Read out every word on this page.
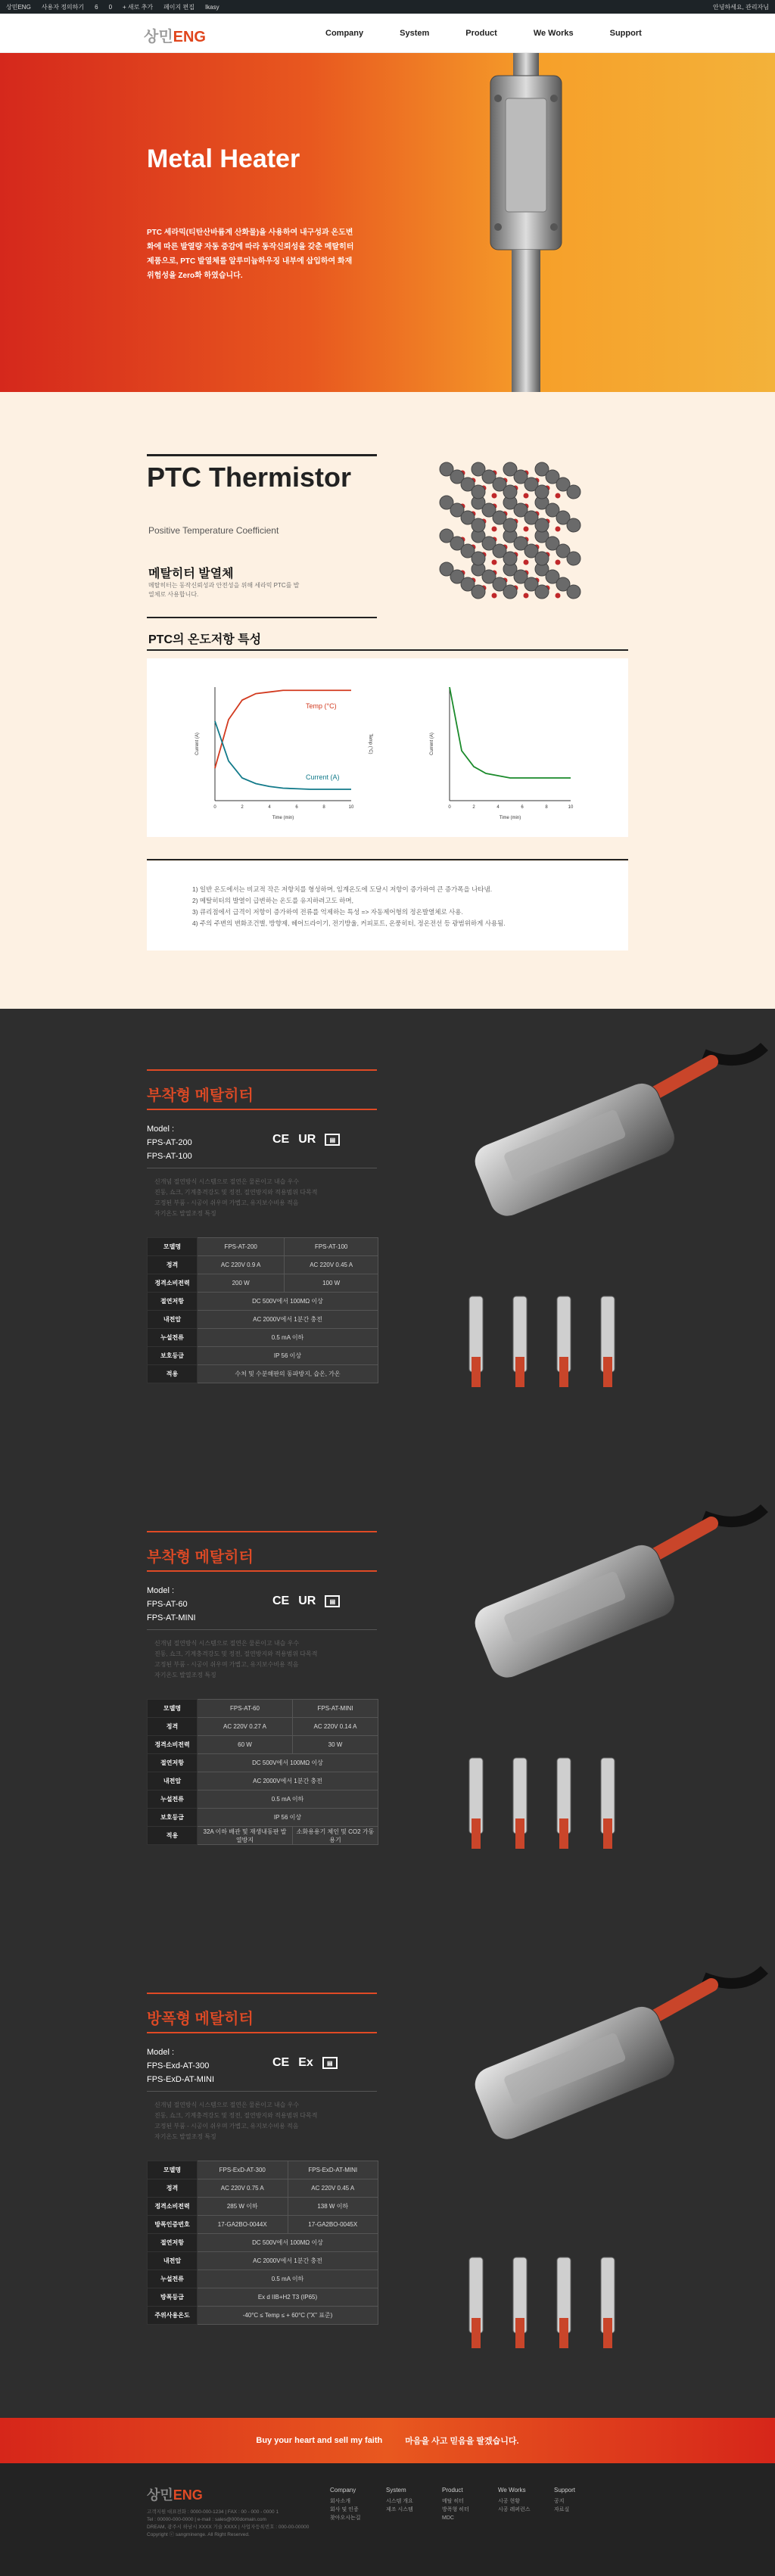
상민ENG 사용자 정의하기 6 0 + 새로 추가 페이지 편집 Ikasy	안녕하세요, 관리자님
상민ENG	Company	System	Product	We Works	Support
Metal Heater
PTC 세라믹(티탄산바륨계 산화물)을 사용하여 내구성과 온도변화에 따른 발열량 자동 증감에 따라 동작신뢰성을 갖춘 메탈히터 제품으로, PTC 발열체를 알루미늄하우징 내부에 삽입하여 화재위험성을 Zero화 하였습니다.
PTC Thermistor
Positive Temperature Coefficient
메탈히터 발열체
메탈히터는 동작신뢰성과 안전성을 위해 세라믹 PTC를 발열체로 사용합니다.
PTC의 온도저항 특성
0	2	4	6	8	10
Time (min)
Current (A)
Temp (°C)
Current (A)
Temp (°C)
0	2	4	6	8	10
Time (min)
Current (A)
1) 일반 온도에서는 비교적 작은 저항치를 형성하며, 임계온도에 도달시 저항이 증가하여 큰 증가폭을 나타냄.
2) 메탈히터의 발열이 급변하는 온도를 유지하려고도 하며,
3) 큐리점에서 급격이 저항이 증가하여 전류를 억제하는 특성 => 자동제어형의 정온발열체로 사용.
4) 주의 주변의 변화조건별, 방향제, 헤어드라이기, 전기방울, 커피포트, 온풍히터, 정온전선 등 광범위하게 사용됨.
부착형 메탈히터
Model :
FPS-AT-200
FPS-AT-100
CE UR	▤
신개념 절연방식 시스템으로 절연은 물론이고 내습 우수
진동, 쇼크, 기계충격강도 및 정전, 절연방지와 적용범위 다목적
고정된 부품 - 시공이 쉬우며 가볍고, 유지보수비용 적음
자기온도 발열조정 특징
모델명	FPS-AT-200	FPS-AT-100
정격	AC 220V 0.9 A	AC 220V 0.45 A
정격소비전력	200 W	100 W
절연저항	DC 500V에서 100MΩ 이상	
내전압	AC 2000V에서 1분간 충전	
누설전류	0.5 mA 이하	
보호등급	IP 56 이상	
적용	수처 및 수분해판의 동파방지, 습온, 가온	
부착형 메탈히터
Model :
FPS-AT-60
FPS-AT-MINI
CE UR	▤
신개념 절연방식 시스템으로 절연은 물론이고 내습 우수
진동, 쇼크, 기계충격강도 및 정전, 절연방지와 적용범위 다목적
고정된 부품 - 시공이 쉬우며 가볍고, 유지보수비용 적음
자기온도 발열조정 특징
모델명	FPS-AT-60	FPS-AT-MINI
정격	AC 220V 0.27 A	AC 220V 0.14 A
정격소비전력	60 W	30 W
절연저항	DC 500V에서 100MΩ 이상	
내전압	AC 2000V에서 1분간 충전	
누설전류	0.5 mA 이하	
보호등급	IP 56 이상	
적용	32A 이하 배관 및 재생내동판 발열방지	소화용용기 체인 및 CO2 가동용기
방폭형 메탈히터
Model :
FPS-Exd-AT-300
FPS-ExD-AT-MINI
CE Ex	▤
신개념 절연방식 시스템으로 절연은 물론이고 내습 우수
진동, 쇼크, 기계충격강도 및 정전, 절연방지와 적용범위 다목적
고정된 부품 - 시공이 쉬우며 가볍고, 유지보수비용 적음
자기온도 발열조정 특징
모델명	FPS-ExD-AT-300	FPS-ExD-AT-MINI
정격	AC 220V 0.75 A	AC 220V 0.45 A
정격소비전력	285 W 이하	138 W 이하
방폭인증번호	17-GA2BO-0044X	17-GA2BO-0045X
절연저항	DC 500V에서 100MΩ 이상	
내전압	AC 2000V에서 1분간 충전	
누설전류	0.5 mA 이하	
방폭등급	Ex d IIB+H2 T3 (IP65)	
주위사용온도	-40°C ≤ Temp ≤ + 60°C ("X" 표준)	
Buy your heart and sell my faith	마음을 사고 믿음을 팔겠습니다.
상민ENG
고객지원 대표전화 : 0000-000-1234 | FAX : 00 - 000 - 0000 1
Tel : 00000-000-0000 | e-mail : sales@000domain.com
DREAM, 광주시 하남시 XXXX 기술 XXXX | 사업자등록번호 : 000-00-00000
Copyright ⓒ sangminenge. All Right Reserved.
Company
회사소개
회사 및 인증
찾아오시는길
System
시스템 개요
제조 시스템
Product
메탈 히터
방폭형 히터
MDC
We Works
시공 현황
시공 레퍼런스
Support
공지
자료실
